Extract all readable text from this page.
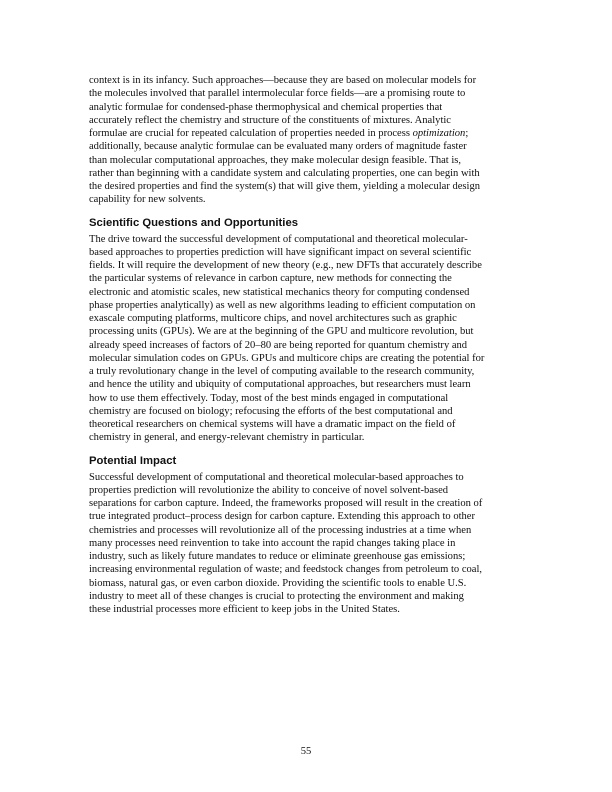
context is in its infancy. Such approaches—because they are based on molecular models for
the molecules involved that parallel intermolecular force fields—are a promising route to
analytic formulae for condensed-phase thermophysical and chemical properties that
accurately reflect the chemistry and structure of the constituents of mixtures. Analytic
formulae are crucial for repeated calculation of properties needed in process optimization;
additionally, because analytic formulae can be evaluated many orders of magnitude faster
than molecular computational approaches, they make molecular design feasible. That is,
rather than beginning with a candidate system and calculating properties, one can begin with
the desired properties and find the system(s) that will give them, yielding a molecular design
capability for new solvents.

Scientific Questions and Opportunities

The drive toward the successful development of computational and theoretical molecular-
based approaches to properties prediction will have significant impact on several scientific
fields. It will require the development of new theory (e.g., new DFTs that accurately describe
the particular systems of relevance in carbon capture, new methods for connecting the
electronic and atomistic scales, new statistical mechanics theory for computing condensed
phase properties analytically) as well as new algorithms leading to efficient computation on
exascale computing platforms, multicore chips, and novel architectures such as graphic
processing units (GPUs). We are at the beginning of the GPU and multicore revolution, but
already speed increases of factors of 20–80 are being reported for quantum chemistry and
molecular simulation codes on GPUs. GPUs and multicore chips are creating the potential for
a truly revolutionary change in the level of computing available to the research community,
and hence the utility and ubiquity of computational approaches, but researchers must learn
how to use them effectively. Today, most of the best minds engaged in computational
chemistry are focused on biology; refocusing the efforts of the best computational and
theoretical researchers on chemical systems will have a dramatic impact on the field of
chemistry in general, and energy-relevant chemistry in particular.

Potential Impact

Successful development of computational and theoretical molecular-based approaches to
properties prediction will revolutionize the ability to conceive of novel solvent-based
separations for carbon capture. Indeed, the frameworks proposed will result in the creation of
true integrated product–process design for carbon capture. Extending this approach to other
chemistries and processes will revolutionize all of the processing industries at a time when
many processes need reinvention to take into account the rapid changes taking place in
industry, such as likely future mandates to reduce or eliminate greenhouse gas emissions;
increasing environmental regulation of waste; and feedstock changes from petroleum to coal,
biomass, natural gas, or even carbon dioxide. Providing the scientific tools to enable U.S.
industry to meet all of these changes is crucial to protecting the environment and making
these industrial processes more efficient to keep jobs in the United States.

55
